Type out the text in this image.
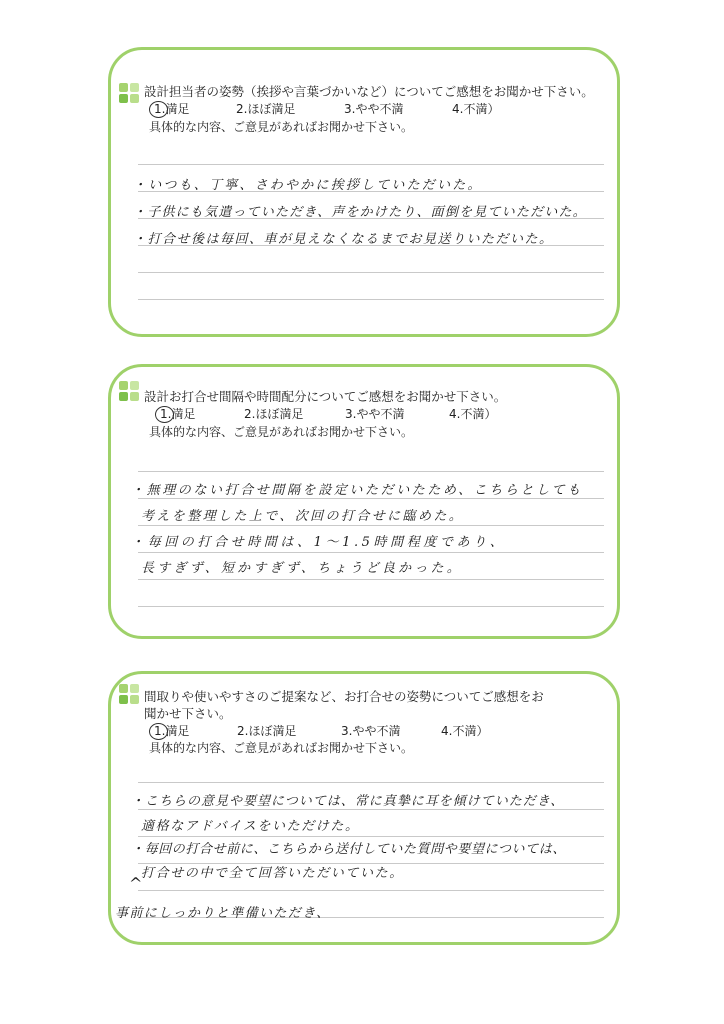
設計担当者の姿勢（挨拶や言葉づかいなど）についてご感想をお聞かせ下さい。
1.満足	2.ほぼ満足	3.やや不満	4.不満）
具体的な内容、ご意見があればお聞かせ下さい。
・いつも、丁寧、さわやかに挨拶していただいた。
・子供にも気遣っていただき、声をかけたり、面倒を見ていただいた。
・打合せ後は毎回、車が見えなくなるまでお見送りいただいた。
設計お打合せ間隔や時間配分についてご感想をお聞かせ下さい。
1.満足	2.ほぼ満足	3.やや不満	4.不満）
具体的な内容、ご意見があればお聞かせ下さい。
・無理のない打合せ間隔を設定いただいたため、こちらとしても
考えを整理した上で、次回の打合せに臨めた。
・毎回の打合せ時間は、1〜1.5時間程度であり、
長すぎず、短かすぎず、ちょうど良かった。
間取りや使いやすさのご提案など、お打合せの姿勢についてご感想をお
聞かせ下さい。
1.満足	2.ほぼ満足	3.やや不満	4.不満）
具体的な内容、ご意見があればお聞かせ下さい。
・こちらの意見や要望については、常に真摯に耳を傾けていただき、
適格なアドバイスをいただけた。
・毎回の打合せ前に、こちらから送付していた質問や要望については、
打合せの中で全て回答いただいていた。
^
事前にしっかりと準備いただき、
